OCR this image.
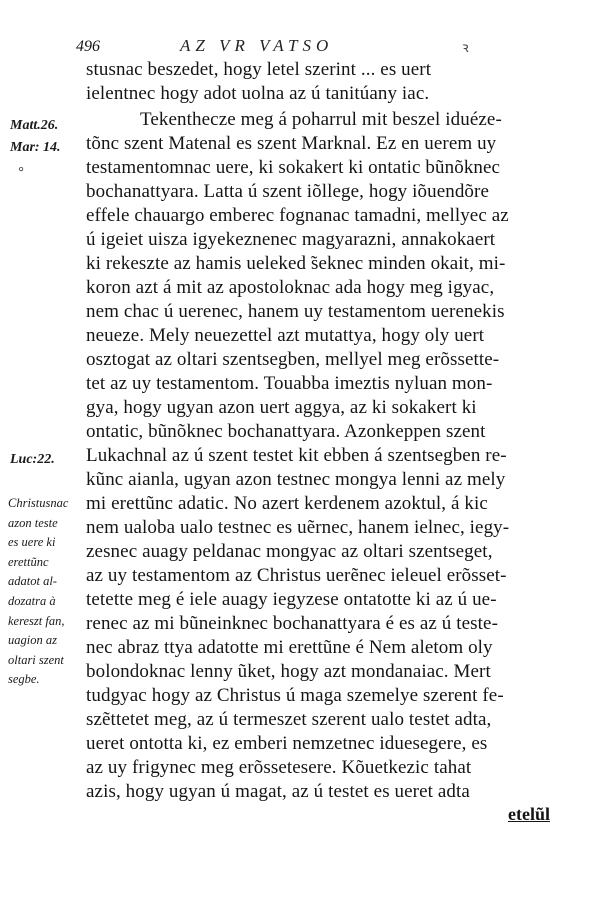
496	AZ VR VATSO	ꝛ
stusnac beszedet, hogy letel szerint ... es uert
ielentnec hogy adot uolna az ú tanitúany iac.
Tekenthecze meg á poharrul mit beszel iduéze-
tõnc szent Matenal es szent Marknal. Ez en uerem uy
testamentomnac uere, ki sokakert ki ontatic bũnõknec
bochanattyara. Latta ú szent iõllege, hogy iõuendõre
effele chauargo emberec fognanac tamadni, mellyec az
ú igeiet uisza igyekeznenec magyarazni, annakokaert
ki rekeszte az hamis ueleked ̃seknec minden okait, mi-
koron azt á mit az apostoloknac ada hogy meg igyac,
nem chac ú uerenec, hanem uy testamentom uerenekis
neueze. Mely neuezettel azt mutattya, hogy oly uert
osztogat az oltari szentsegben, mellyel meg erõssette-
tet az uy testamentom. Touabba imeztis nyluan mon-
gya, hogy ugyan azon uert aggya, az ki sokakert ki
ontatic, bũnõknec bochanattyara. Azonkeppen szent
Lukachnal az ú szent testet kit ebben á szentsegben re-
kũnc aianla, ugyan azon testnec mongya lenni az mely
mi erettũnc adatic. No azert kerdenem azoktul, á kic
nem ualoba ualo testnec es uẽrnec, hanem ielnec, iegy-
zesnec auagy peldanac mongyac az oltari szentseget,
az uy testamentom az Christus uerẽnec ieleuel erõsset-
tetette meg é iele auagy iegyzese ontatotte ki az ú ue-
renec az mi bũneinknec bochanattyara é es az ú teste-
nec abraz ttya adatotte mi erettũne é Nem aletom oly
bolondoknac lenny ũket, hogy azt mondanaiac. Mert
tudgyac hogy az Christus ú maga szemelye szerent fe-
szẽttetet meg, az ú termeszet szerent ualo testet adta,
ueret ontotta ki, ez emberi nemzetnec iduesegere, es
az uy frigynec meg erõssetesere. Kõuetkezic tahat
azis, hogy ugyan ú magat, az ú testet es ueret adta
Matt.26.
Mar: 14.
°
Luc:22.
Christusnac
azon teste
es uere ki
erettũnc
adatot al-
dozatra à
kereszt fan,
uagion az
oltari szent
segbe.
etelũl
